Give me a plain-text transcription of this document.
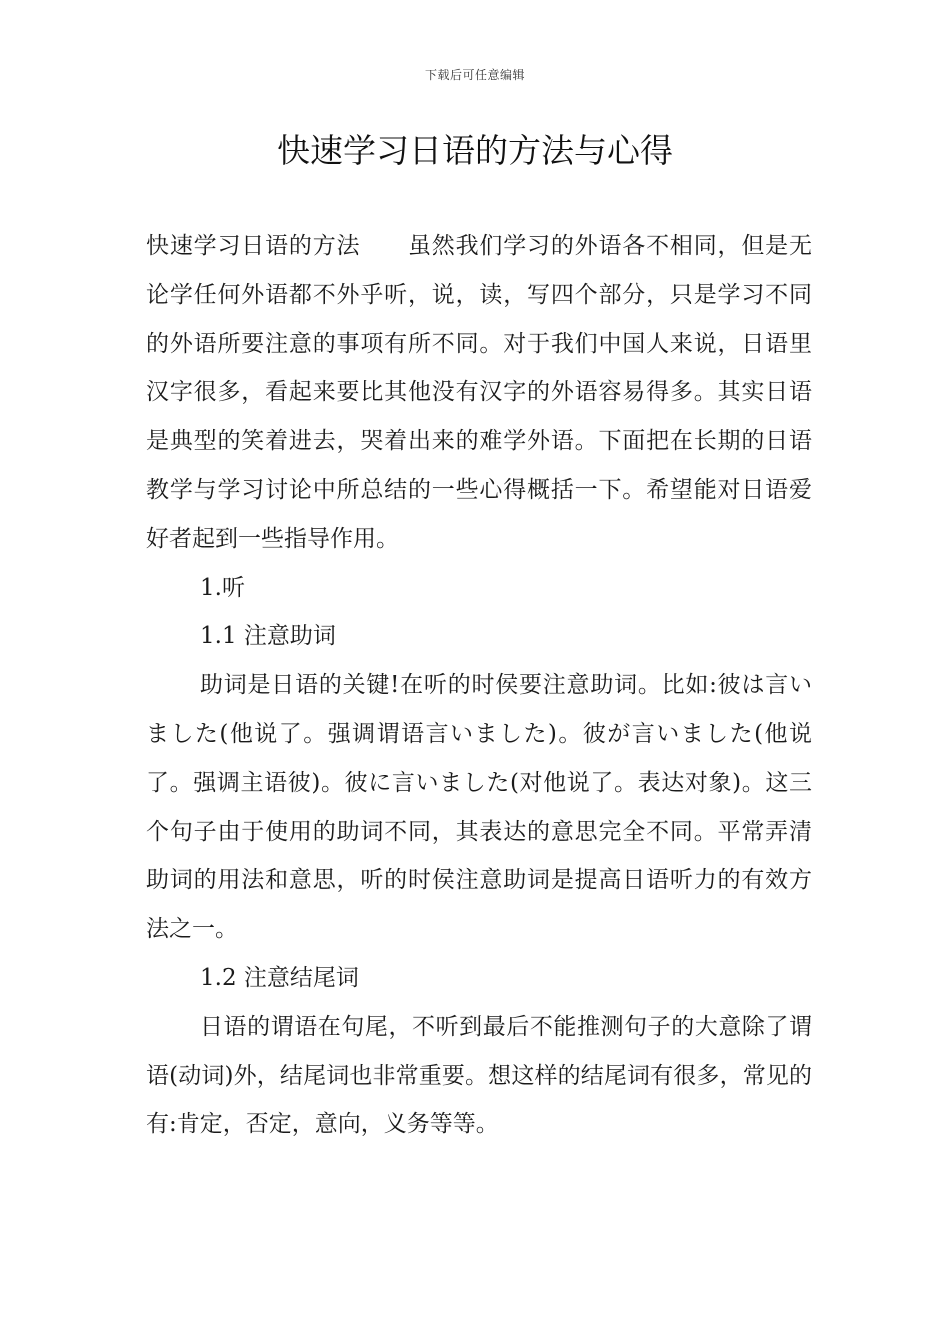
下载后可任意编辑
快速学习日语的方法与心得

快速学习日语的方法　　虽然我们学习的外语各不相同，但是无论学任何外语都不外乎听，说，读，写四个部分，只是学习不同的外语所要注意的事项有所不同。对于我们中国人来说，日语里汉字很多，看起来要比其他没有汉字的外语容易得多。其实日语是典型的笑着进去，哭着出来的难学外语。下面把在长期的日语教学与学习讨论中所总结的一些心得概括一下。希望能对日语爱好者起到一些指导作用。

1.听

1.1 注意助词

助词是日语的关键!在听的时侯要注意助词。比如:彼は言いました(他说了。强调谓语言いました)。彼が言いました(他说了。强调主语彼)。彼に言いました(对他说了。表达对象)。这三个句子由于使用的助词不同，其表达的意思完全不同。平常弄清助词的用法和意思，听的时侯注意助词是提高日语听力的有效方法之一。

1.2 注意结尾词

日语的谓语在句尾，不听到最后不能推测句子的大意除了谓语(动词)外，结尾词也非常重要。想这样的结尾词有很多，常见的有:肯定，否定，意向，义务等等。
